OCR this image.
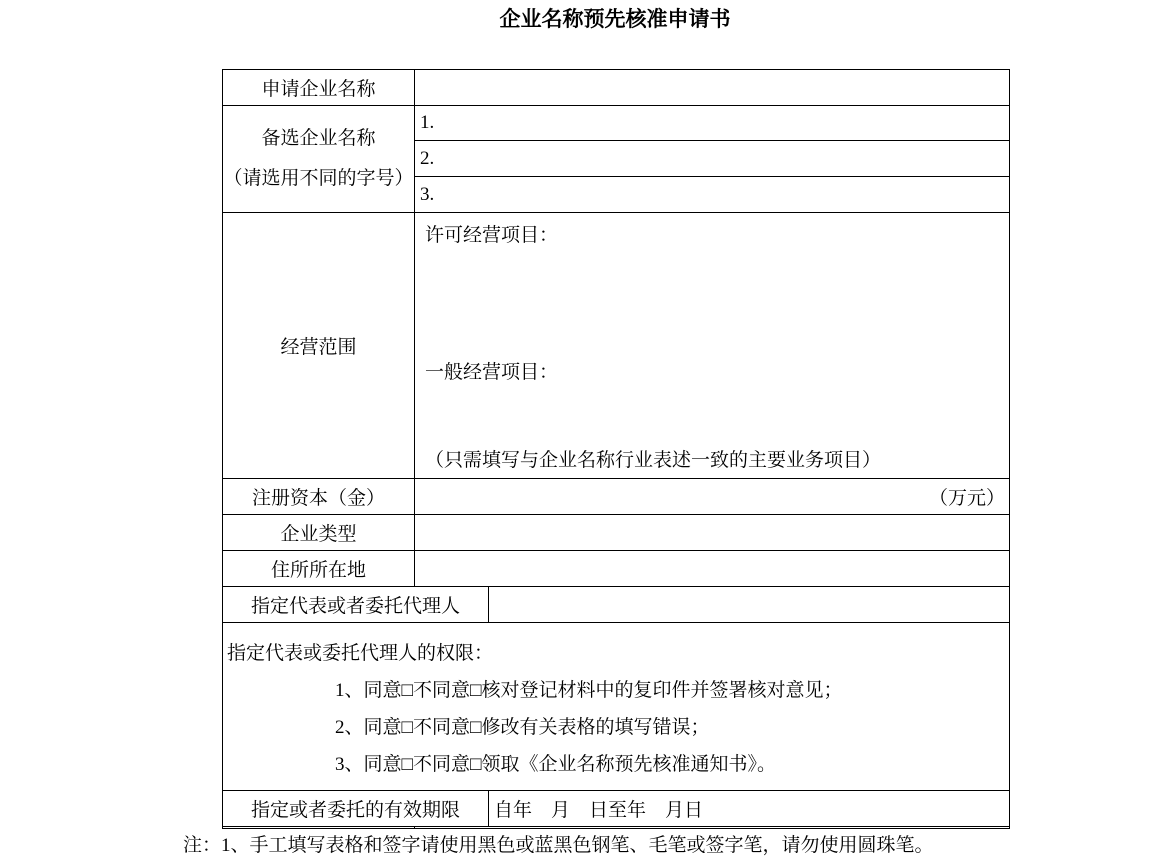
企业名称预先核准申请书
申请企业名称		

备选企业名称
（请选用不同的字号）	1.	
	2.	
	3.	
经营范围	许可经营项目：
一般经营项目：
（只需填写与企业名称行业表述一致的主要业务项目）	

注册资本（金）	（万元）	
企业类型		
住所所在地		
指定代表或者委托代理人		

指定代表或委托代理人的权限：
1、同意□不同意□核对登记材料中的复印件并签署核对意见；
2、同意□不同意□修改有关表格的填写错误；
3、同意□不同意□领取《企业名称预先核准通知书》。		

指定或者委托的有效期限		自年　月　日至年　月日

注：1、手工填写表格和签字请使用黑色或蓝黑色钢笔、毛笔或签字笔，请勿使用圆珠笔。
